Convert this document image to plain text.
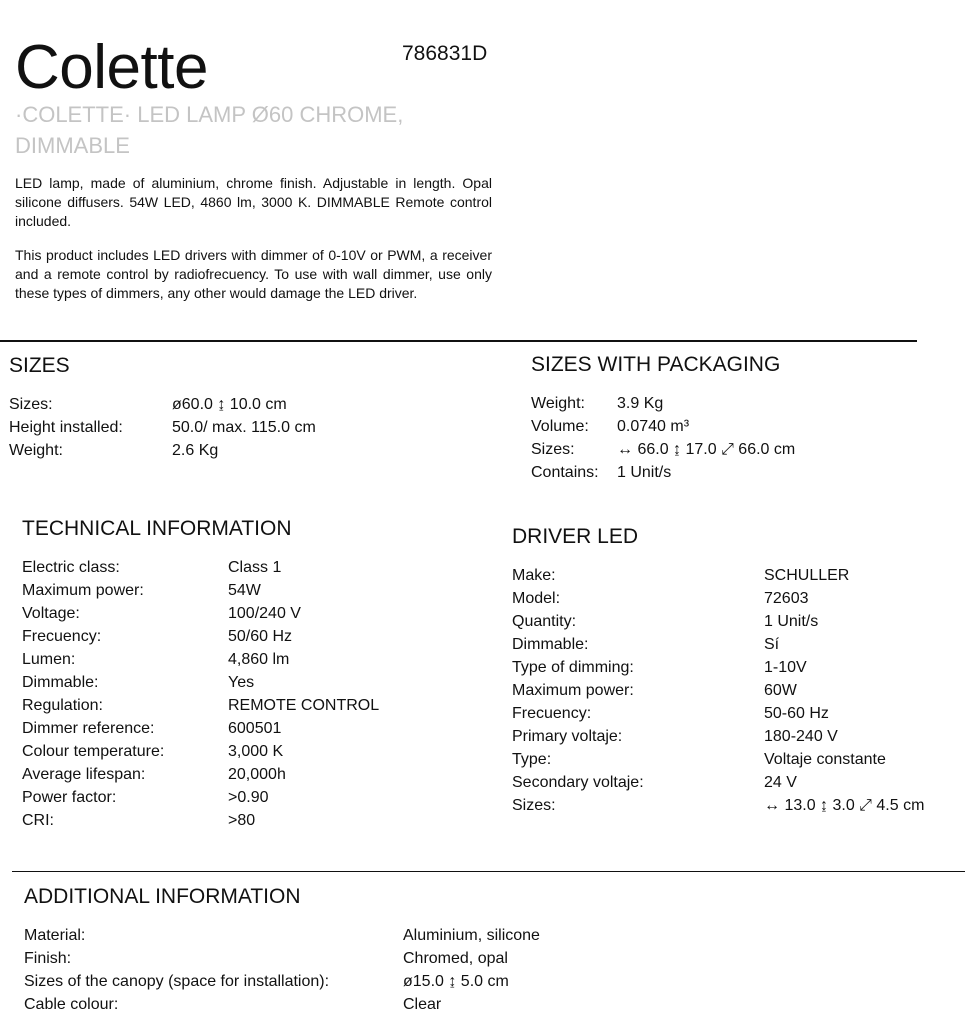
Colette	786831D
·COLETTE· LED LAMP Ø60 CHROME, DIMMABLE
LED lamp, made of aluminium, chrome finish. Adjustable in length. Opal silicone diffusers. 54W LED, 4860 lm, 3000 K. DIMMABLE Remote control included.
This product includes LED drivers with dimmer of 0-10V or PWM, a receiver and a remote control by radiofrecuency. To use with wall dimmer, use only these types of dimmers, any other would damage the LED driver.
SIZES
Sizes:	ø60.0 ↨ 10.0 cm
Height installed:	50.0/ max. 115.0 cm
Weight:	2.6 Kg
SIZES WITH PACKAGING
Weight: 3.9 Kg
Volume: 0.0740 m³
Sizes:	↔ 66.0 ↨ 17.0 ⤢ 66.0 cm
Contains: 1 Unit/s
TECHNICAL INFORMATION
Electric class:	Class 1
Maximum power:	54W
Voltage:	100/240 V
Frecuency:	50/60 Hz
Lumen:	4,860 lm
Dimmable:	Yes
Regulation:	REMOTE CONTROL
Dimmer reference:	600501
Colour temperature:	3,000 K
Average lifespan:	20,000h
Power factor:	>0.90
CRI:	>80
DRIVER LED
Make:	SCHULLER
Model:	72603
Quantity:	1 Unit/s
Dimmable:	Sí
Type of dimming:	1-10V
Maximum power:	60W
Frecuency:	50-60 Hz
Primary voltaje:	180-240 V
Type:	Voltaje constante
Secondary voltaje:	24 V
Sizes:	↔ 13.0 ↨ 3.0 ⤢ 4.5 cm
ADDITIONAL INFORMATION
Material:	Aluminium, silicone
Finish:	Chromed, opal
Sizes of the canopy (space for installation):	ø15.0 ↨ 5.0 cm
Cable colour:	Clear
